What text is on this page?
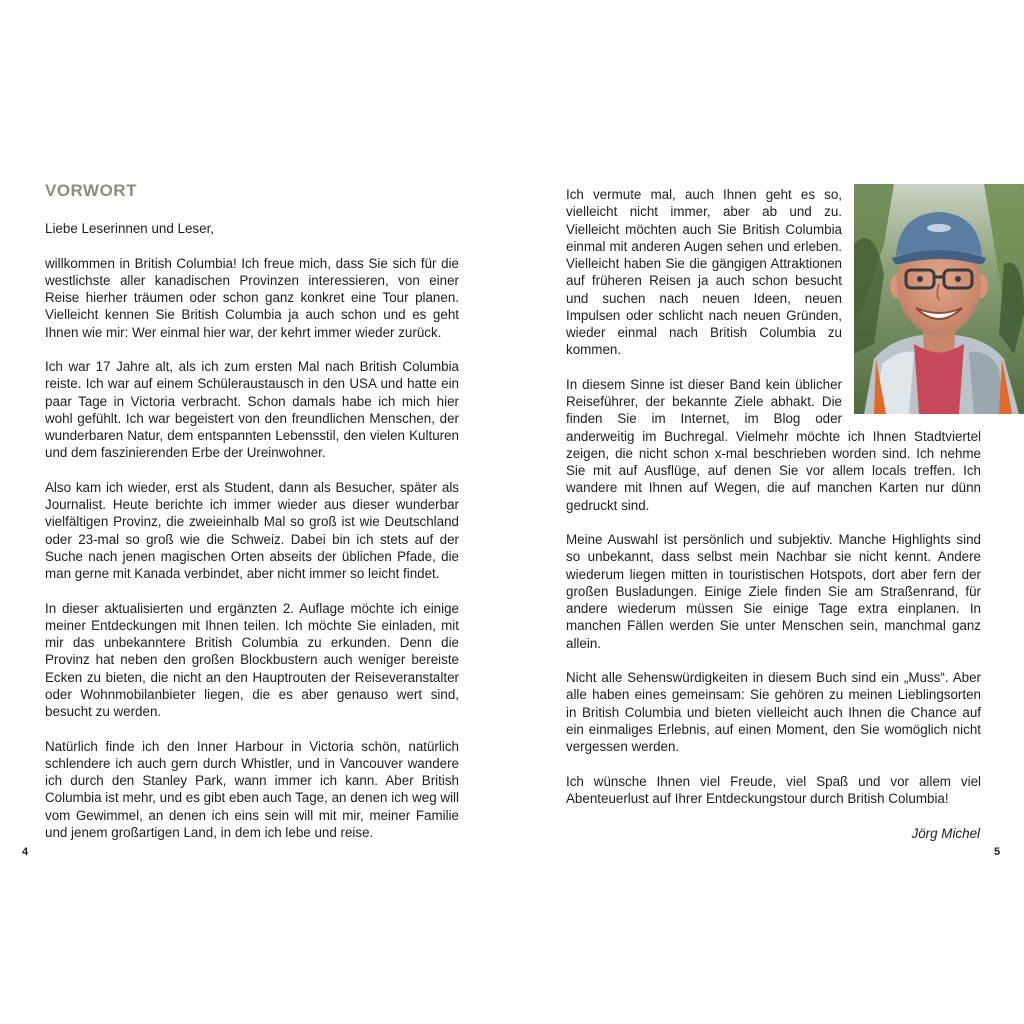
VORWORT

Liebe Leserinnen und Leser,

willkommen in British Columbia! Ich freue mich, dass Sie sich für die westlichste aller kanadischen Provinzen interessieren, von einer Reise hierher träumen oder schon ganz konkret eine Tour planen. Vielleicht kennen Sie British Columbia ja auch schon und es geht Ihnen wie mir: Wer einmal hier war, der kehrt immer wieder zurück.

Ich war 17 Jahre alt, als ich zum ersten Mal nach British Columbia reiste. Ich war auf einem Schüleraustausch in den USA und hatte ein paar Tage in Victoria verbracht. Schon damals habe ich mich hier wohl gefühlt. Ich war begeistert von den freundlichen Menschen, der wunderbaren Natur, dem entspannten Lebensstil, den vielen Kulturen und dem faszinierenden Erbe der Ureinwohner.

Also kam ich wieder, erst als Student, dann als Besucher, später als Journalist. Heute berichte ich immer wieder aus dieser wunderbar vielfältigen Provinz, die zweieinhalb Mal so groß ist wie Deutschland oder 23-mal so groß wie die Schweiz. Dabei bin ich stets auf der Suche nach jenen magischen Orten abseits der üblichen Pfade, die man gerne mit Kanada verbindet, aber nicht immer so leicht findet.

In dieser aktualisierten und ergänzten 2. Auflage möchte ich einige meiner Entdeckungen mit Ihnen teilen. Ich möchte Sie einladen, mit mir das unbekanntere British Columbia zu erkunden. Denn die Provinz hat neben den großen Blockbustern auch weniger bereiste Ecken zu bieten, die nicht an den Hauptrouten der Reiseveranstalter oder Wohnmobilanbieter liegen, die es aber genauso wert sind, besucht zu werden.

Natürlich finde ich den Inner Harbour in Victoria schön, natürlich schlendere ich auch gern durch Whistler, und in Vancouver wandere ich durch den Stanley Park, wann immer ich kann. Aber British Columbia ist mehr, und es gibt eben auch Tage, an denen ich weg will vom Gewimmel, an denen ich eins sein will mit mir, meiner Familie und jenem großartigen Land, in dem ich lebe und reise.

4

Ich vermute mal, auch Ihnen geht es so, vielleicht nicht immer, aber ab und zu. Vielleicht möchten auch Sie British Columbia einmal mit anderen Augen sehen und erleben. Vielleicht haben Sie die gängigen Attraktionen auf früheren Reisen ja auch schon besucht und suchen nach neuen Ideen, neuen Impulsen oder schlicht nach neuen Gründen, wieder einmal nach British Columbia zu kommen.

In diesem Sinne ist dieser Band kein üblicher Reiseführer, der bekannte Ziele abhakt. Die finden Sie im Internet, im Blog oder anderweitig im Buchregal. Vielmehr möchte ich Ihnen Stadtviertel zeigen, die nicht schon x-mal beschrieben worden sind. Ich nehme Sie mit auf Ausflüge, auf denen Sie vor allem locals treffen. Ich wandere mit Ihnen auf Wegen, die auf manchen Karten nur dünn gedruckt sind.

Meine Auswahl ist persönlich und subjektiv. Manche Highlights sind so unbekannt, dass selbst mein Nachbar sie nicht kennt. Andere wiederum liegen mitten in touristischen Hotspots, dort aber fern der großen Busladungen. Einige Ziele finden Sie am Straßenrand, für andere wiederum müssen Sie einige Tage extra einplanen. In manchen Fällen werden Sie unter Menschen sein, manchmal ganz allein.

Nicht alle Sehenswürdigkeiten in diesem Buch sind ein „Muss“. Aber alle haben eines gemeinsam: Sie gehören zu meinen Lieblingsorten in British Columbia und bieten vielleicht auch Ihnen die Chance auf ein einmaliges Erlebnis, auf einen Moment, den Sie womöglich nicht vergessen werden.

Ich wünsche Ihnen viel Freude, viel Spaß und vor allem viel Abenteuerlust auf Ihrer Entdeckungstour durch British Columbia!

Jörg Michel

5
